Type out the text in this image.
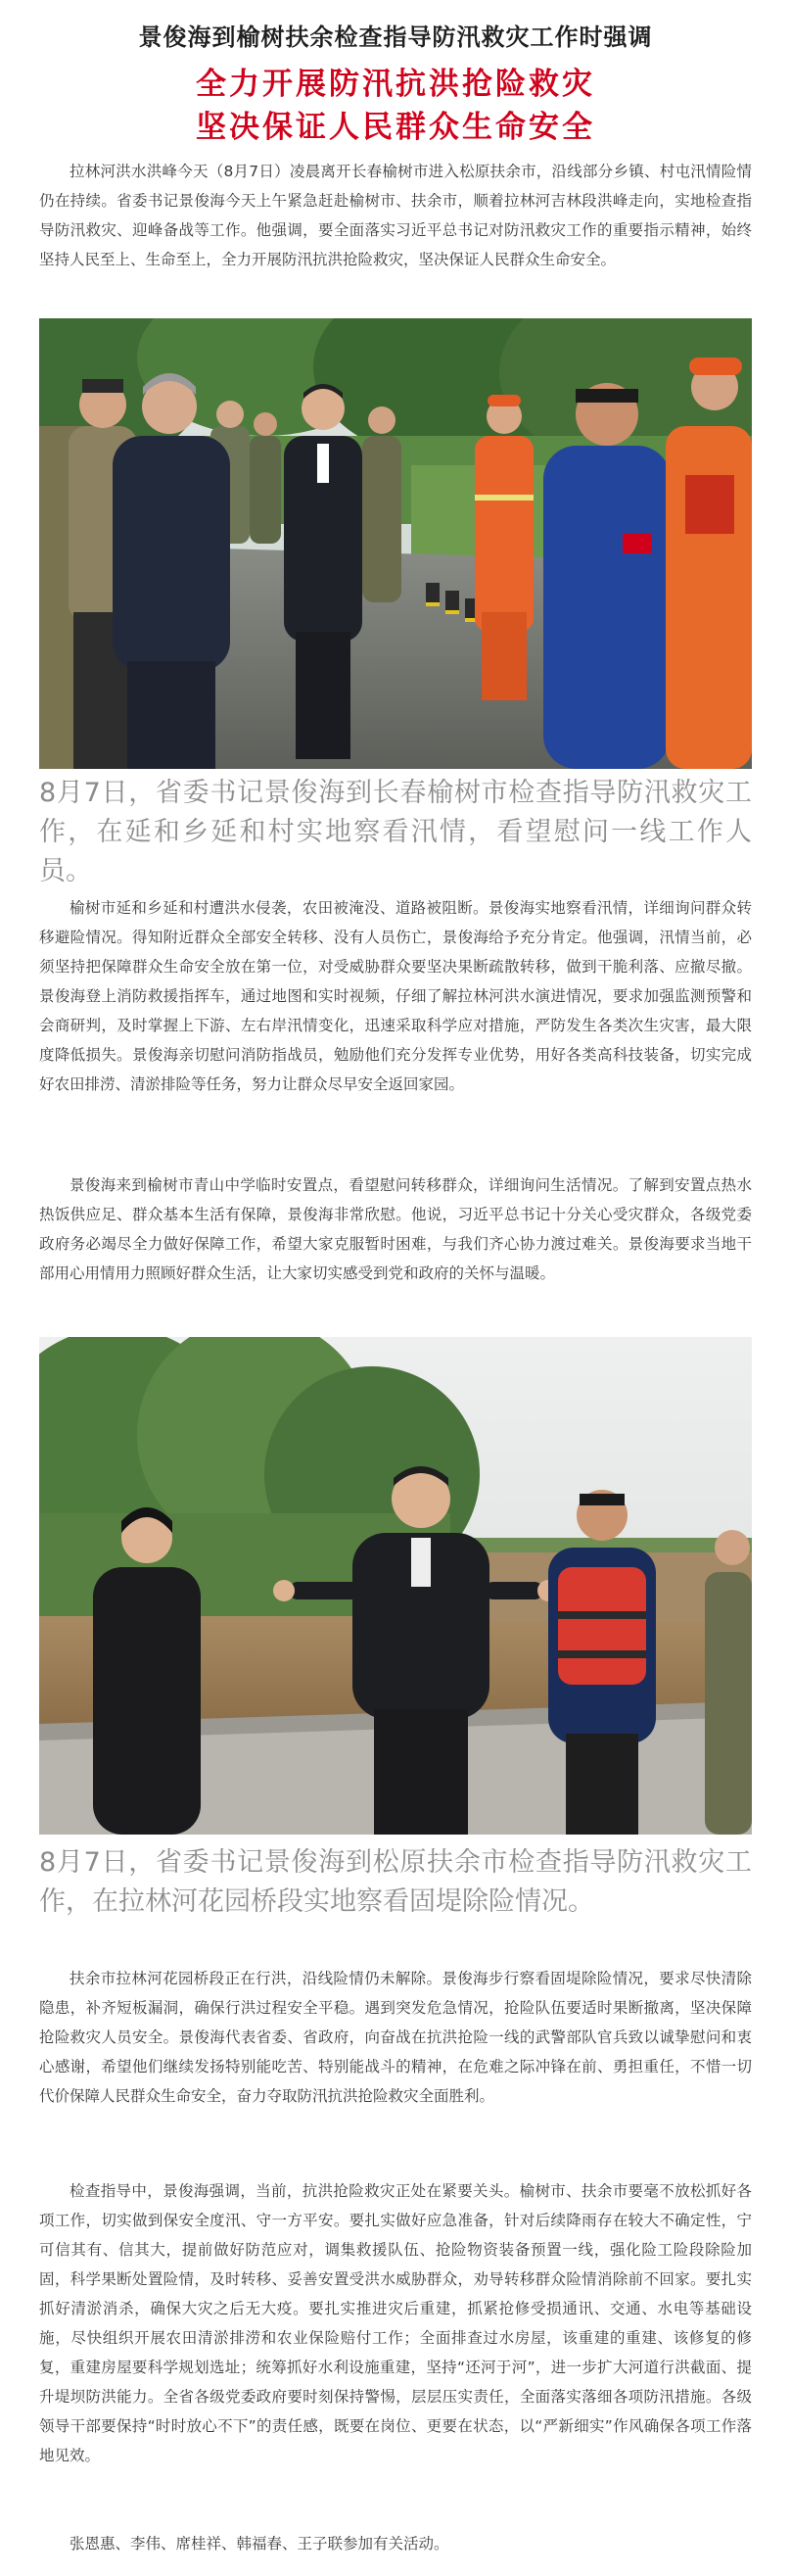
景俊海到榆树扶余检查指导防汛救灾工作时强调
全力开展防汛抗洪抢险救灾
坚决保证人民群众生命安全

拉林河洪水洪峰今天（8月7日）凌晨离开长春榆树市进入松原扶余市，沿线部分乡镇、村屯汛情险情仍在持续。省委书记景俊海今天上午紧急赶赴榆树市、扶余市，顺着拉林河吉林段洪峰走向，实地检查指导防汛救灾、迎峰备战等工作。他强调，要全面落实习近平总书记对防汛救灾工作的重要指示精神，始终坚持人民至上、生命至上，全力开展防汛抗洪抢险救灾，坚决保证人民群众生命安全。

8月7日，省委书记景俊海到长春榆树市检查指导防汛救灾工作，在延和乡延和村实地察看汛情，看望慰问一线工作人员。

榆树市延和乡延和村遭洪水侵袭，农田被淹没、道路被阻断。景俊海实地察看汛情，详细询问群众转移避险情况。得知附近群众全部安全转移、没有人员伤亡，景俊海给予充分肯定。他强调，汛情当前，必须坚持把保障群众生命安全放在第一位，对受威胁群众要坚决果断疏散转移，做到干脆利落、应撤尽撤。景俊海登上消防救援指挥车，通过地图和实时视频，仔细了解拉林河洪水演进情况，要求加强监测预警和会商研判，及时掌握上下游、左右岸汛情变化，迅速采取科学应对措施，严防发生各类次生灾害，最大限度降低损失。景俊海亲切慰问消防指战员，勉励他们充分发挥专业优势，用好各类高科技装备，切实完成好农田排涝、清淤排险等任务，努力让群众尽早安全返回家园。

景俊海来到榆树市青山中学临时安置点，看望慰问转移群众，详细询问生活情况。了解到安置点热水热饭供应足、群众基本生活有保障，景俊海非常欣慰。他说，习近平总书记十分关心受灾群众，各级党委政府务必竭尽全力做好保障工作，希望大家克服暂时困难，与我们齐心协力渡过难关。景俊海要求当地干部用心用情用力照顾好群众生活，让大家切实感受到党和政府的关怀与温暖。

8月7日，省委书记景俊海到松原扶余市检查指导防汛救灾工作，在拉林河花园桥段实地察看固堤除险情况。

扶余市拉林河花园桥段正在行洪，沿线险情仍未解除。景俊海步行察看固堤除险情况，要求尽快清除隐患，补齐短板漏洞，确保行洪过程安全平稳。遇到突发危急情况，抢险队伍要适时果断撤离，坚决保障抢险救灾人员安全。景俊海代表省委、省政府，向奋战在抗洪抢险一线的武警部队官兵致以诚挚慰问和衷心感谢，希望他们继续发扬特别能吃苦、特别能战斗的精神，在危难之际冲锋在前、勇担重任，不惜一切代价保障人民群众生命安全，奋力夺取防汛抗洪抢险救灾全面胜利。

检查指导中，景俊海强调，当前，抗洪抢险救灾正处在紧要关头。榆树市、扶余市要毫不放松抓好各项工作，切实做到保安全度汛、守一方平安。要扎实做好应急准备，针对后续降雨存在较大不确定性，宁可信其有、信其大，提前做好防范应对，调集救援队伍、抢险物资装备预置一线，强化险工险段除险加固，科学果断处置险情，及时转移、妥善安置受洪水威胁群众，劝导转移群众险情消除前不回家。要扎实抓好清淤消杀，确保大灾之后无大疫。要扎实推进灾后重建，抓紧抢修受损通讯、交通、水电等基础设施，尽快组织开展农田清淤排涝和农业保险赔付工作；全面排查过水房屋，该重建的重建、该修复的修复，重建房屋要科学规划选址；统筹抓好水利设施重建，坚持“还河于河”，进一步扩大河道行洪截面、提升堤坝防洪能力。全省各级党委政府要时刻保持警惕，层层压实责任，全面落实落细各项防汛措施。各级领导干部要保持“时时放心不下”的责任感，既要在岗位、更要在状态，以“严新细实”作风确保各项工作落地见效。

张恩惠、李伟、席桂祥、韩福春、王子联参加有关活动。
